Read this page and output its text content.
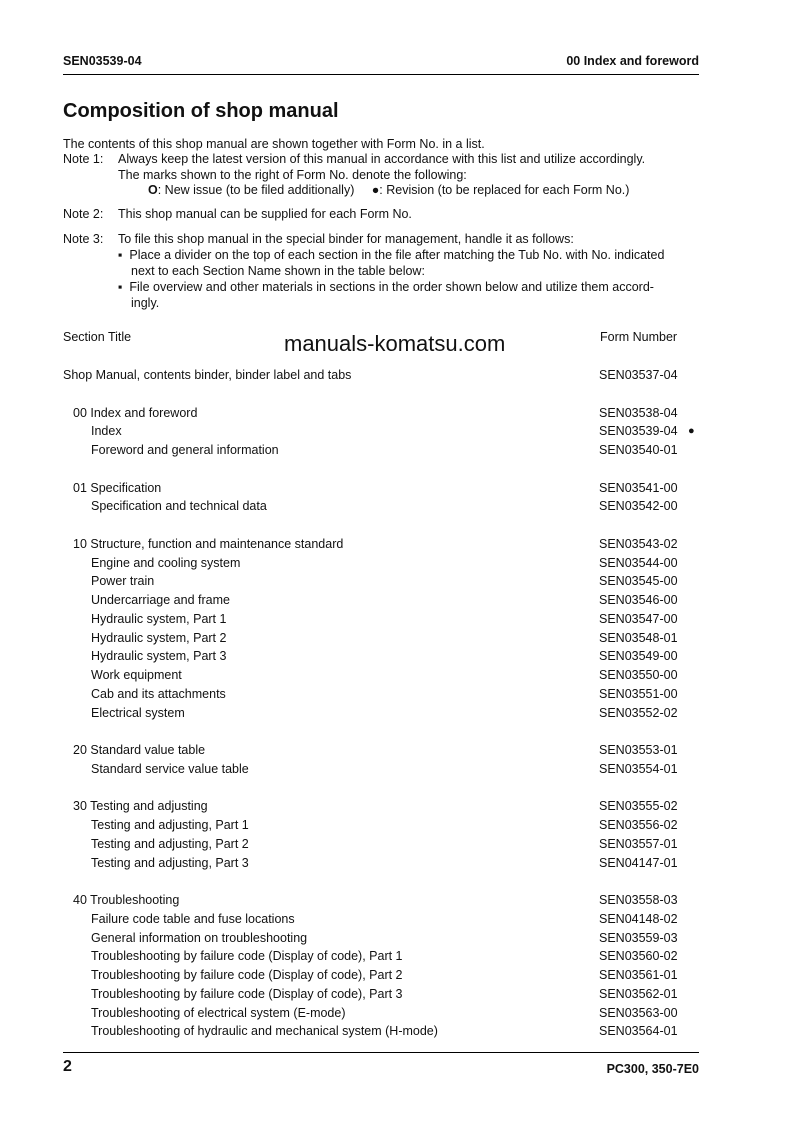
SEN03539-04	00 Index and foreword
Composition of shop manual
The contents of this shop manual are shown together with Form No. in a list.
Note 1: Always keep the latest version of this manual in accordance with this list and utilize accordingly.
The marks shown to the right of Form No. denote the following:
O: New issue (to be filed additionally) ●: Revision (to be replaced for each Form No.)
Note 2: This shop manual can be supplied for each Form No.
Note 3: To file this shop manual in the special binder for management, handle it as follows:
▪  Place a divider on the top of each section in the file after matching the Tub No. with No. indicated
next to each Section Name shown in the table below:
▪  File overview and other materials in sections in the order shown below and utilize them accord-
ingly.
Section Title	Form Number
manuals-komatsu.com
Shop Manual, contents binder, binder label and tabs	SEN03537-04
00 Index and foreword	SEN03538-04
Index	SEN03539-04 ●
Foreword and general information	SEN03540-01
01 Specification	SEN03541-00
Specification and technical data	SEN03542-00
10 Structure, function and maintenance standard	SEN03543-02
Engine and cooling system	SEN03544-00
Power train	SEN03545-00
Undercarriage and frame	SEN03546-00
Hydraulic system, Part 1	SEN03547-00
Hydraulic system, Part 2	SEN03548-01
Hydraulic system, Part 3	SEN03549-00
Work equipment	SEN03550-00
Cab and its attachments	SEN03551-00
Electrical system	SEN03552-02
20 Standard value table	SEN03553-01
Standard service value table	SEN03554-01
30 Testing and adjusting	SEN03555-02
Testing and adjusting, Part 1	SEN03556-02
Testing and adjusting, Part 2	SEN03557-01
Testing and adjusting, Part 3	SEN04147-01
40 Troubleshooting	SEN03558-03
Failure code table and fuse locations	SEN04148-02
General information on troubleshooting	SEN03559-03
Troubleshooting by failure code (Display of code), Part 1	SEN03560-02
Troubleshooting by failure code (Display of code), Part 2	SEN03561-01
Troubleshooting by failure code (Display of code), Part 3	SEN03562-01
Troubleshooting of electrical system (E-mode)	SEN03563-00
Troubleshooting of hydraulic and mechanical system (H-mode)	SEN03564-01
2	PC300, 350-7E0
